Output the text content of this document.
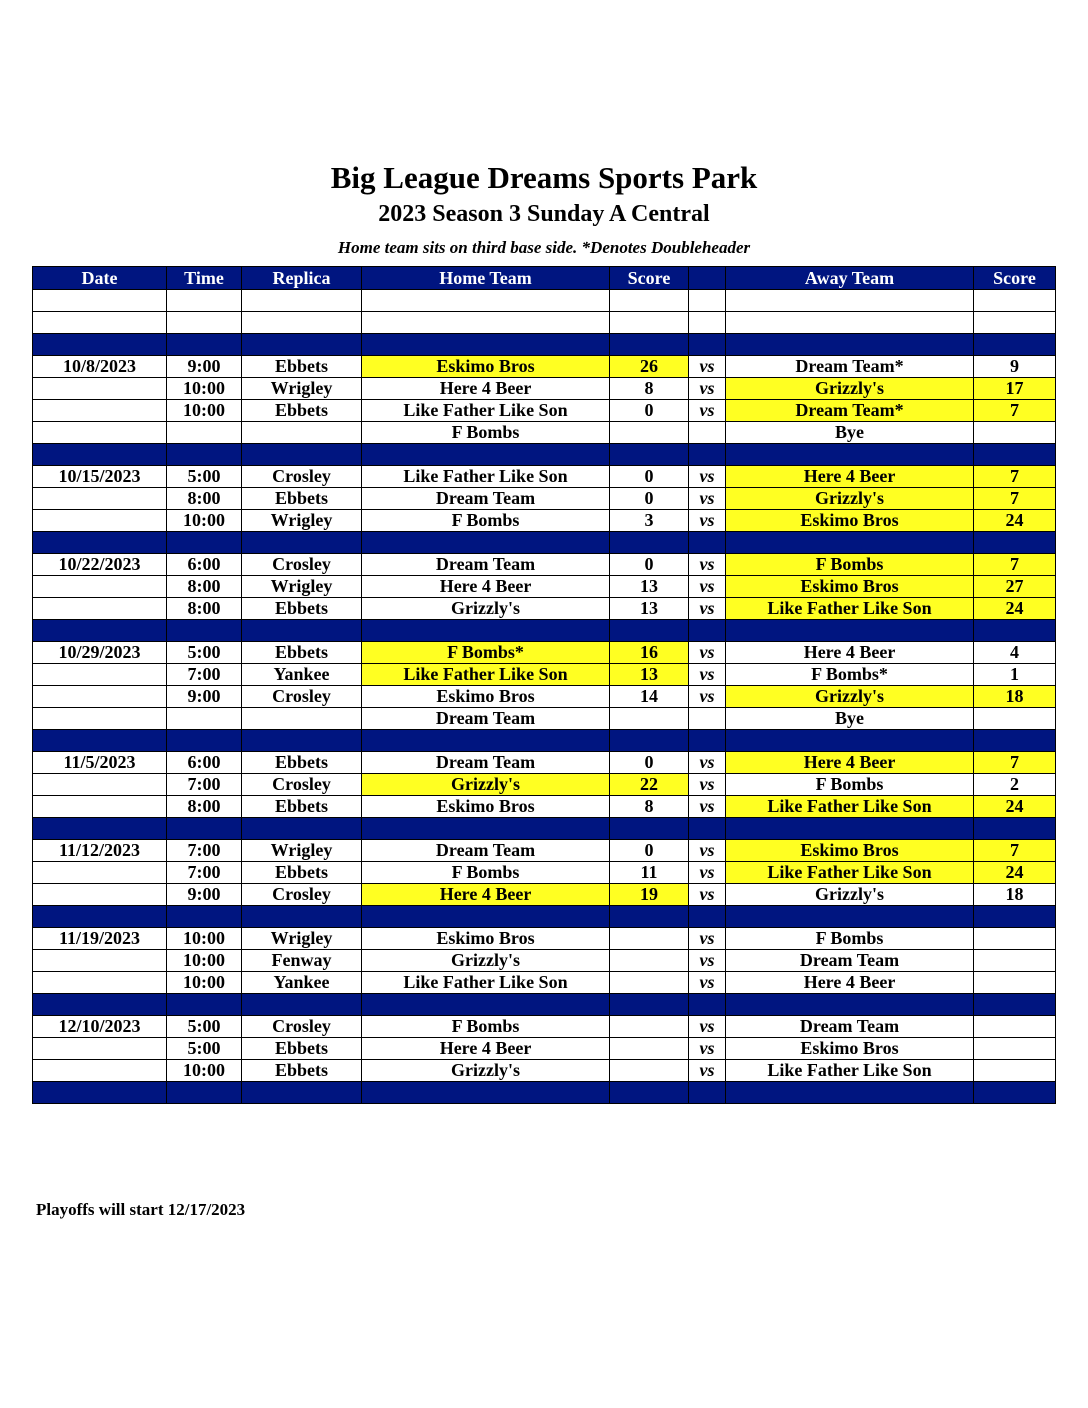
Big League Dreams Sports Park
2023 Season 3 Sunday A Central
Home team sits on third base side. *Denotes Doubleheader
Date	Time	Replica	Home Team	Score		Away Team	Score

10/8/2023	9:00	Ebbets	Eskimo Bros	26	vs	Dream Team*	9
	10:00	Wrigley	Here 4 Beer	8	vs	Grizzly's	17
	10:00	Ebbets	Like Father Like Son	0	vs	Dream Team*	7
			F Bombs			Bye	

10/15/2023	5:00	Crosley	Like Father Like Son	0	vs	Here 4 Beer	7
	8:00	Ebbets	Dream Team	0	vs	Grizzly's	7
	10:00	Wrigley	F Bombs	3	vs	Eskimo Bros	24

10/22/2023	6:00	Crosley	Dream Team	0	vs	F Bombs	7
	8:00	Wrigley	Here 4 Beer	13	vs	Eskimo Bros	27
	8:00	Ebbets	Grizzly's	13	vs	Like Father Like Son	24

10/29/2023	5:00	Ebbets	F Bombs*	16	vs	Here 4 Beer	4
	7:00	Yankee	Like Father Like Son	13	vs	F Bombs*	1
	9:00	Crosley	Eskimo Bros	14	vs	Grizzly's	18
			Dream Team			Bye	

11/5/2023	6:00	Ebbets	Dream Team	0	vs	Here 4 Beer	7
	7:00	Crosley	Grizzly's	22	vs	F Bombs	2
	8:00	Ebbets	Eskimo Bros	8	vs	Like Father Like Son	24

11/12/2023	7:00	Wrigley	Dream Team	0	vs	Eskimo Bros	7
	7:00	Ebbets	F Bombs	11	vs	Like Father Like Son	24
	9:00	Crosley	Here 4 Beer	19	vs	Grizzly's	18

11/19/2023	10:00	Wrigley	Eskimo Bros		vs	F Bombs	
	10:00	Fenway	Grizzly's		vs	Dream Team	
	10:00	Yankee	Like Father Like Son		vs	Here 4 Beer	

12/10/2023	5:00	Crosley	F Bombs		vs	Dream Team	
	5:00	Ebbets	Here 4 Beer		vs	Eskimo Bros	
	10:00	Ebbets	Grizzly's		vs	Like Father Like Son	

Playoffs will start 12/17/2023
